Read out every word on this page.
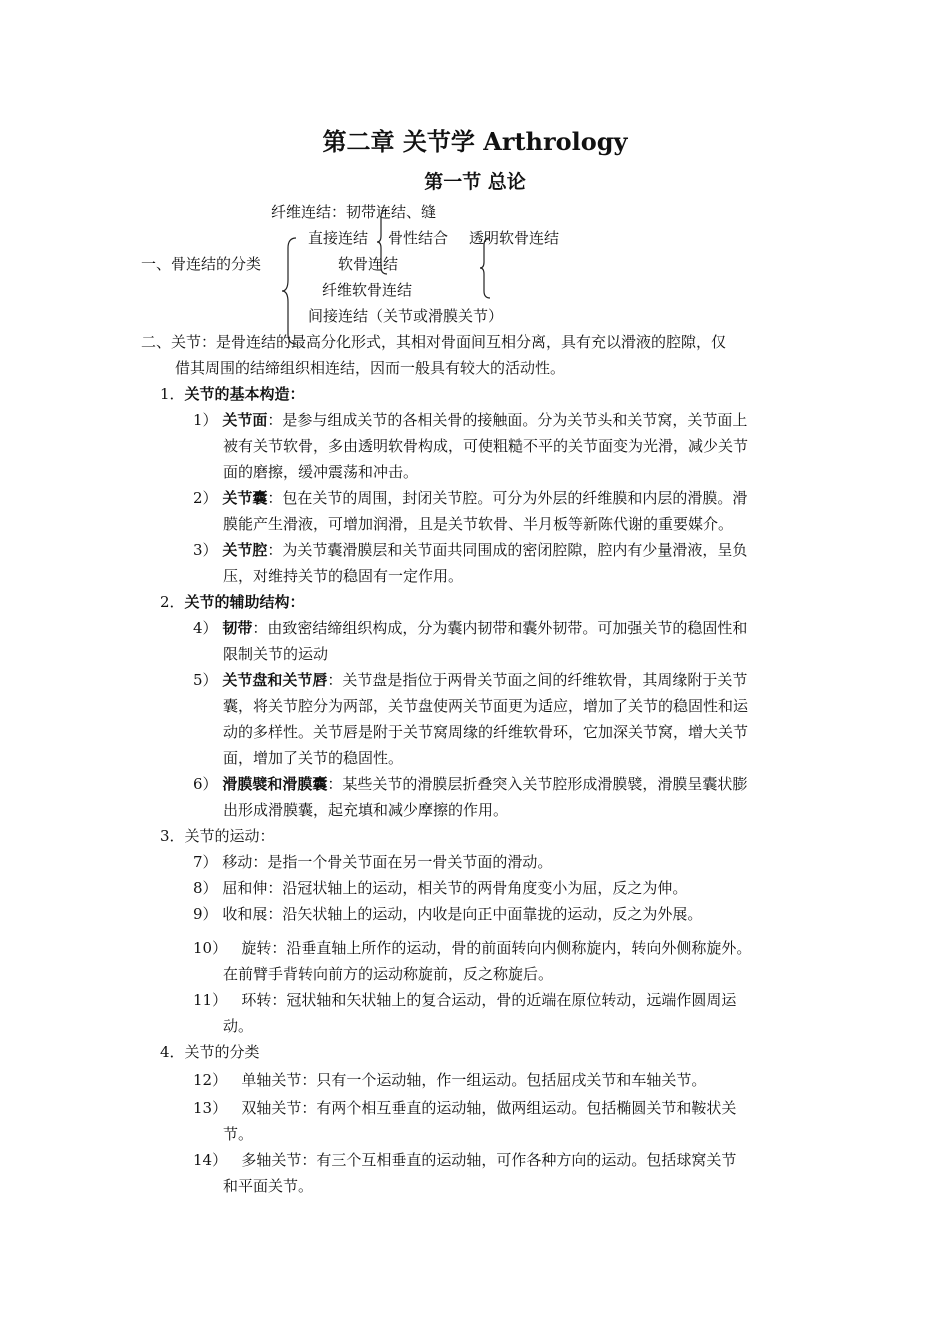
第二章 关节学 Arthrology
第一节 总论
纤维连结：韧带连结、缝
直接连结 骨性结合 透明软骨连结
一、骨连结的分类	软骨连结
纤维软骨连结
间接连结（关节或滑膜关节）
二、关节：是骨连结的最高分化形式，其相对骨面间互相分离，具有充以滑液的腔隙，仅
借其周围的结缔组织相连结，因而一般具有较大的活动性。
1．关节的基本构造：
1） 关节面：是参与组成关节的各相关骨的接触面。分为关节头和关节窝，关节面上
被有关节软骨，多由透明软骨构成，可使粗糙不平的关节面变为光滑，减少关节
面的磨擦，缓冲震荡和冲击。
2） 关节囊：包在关节的周围，封闭关节腔。可分为外层的纤维膜和内层的滑膜。滑
膜能产生滑液，可增加润滑，且是关节软骨、半月板等新陈代谢的重要媒介。
3） 关节腔：为关节囊滑膜层和关节面共同围成的密闭腔隙，腔内有少量滑液，呈负
压，对维持关节的稳固有一定作用。
2．关节的辅助结构：
4） 韧带：由致密结缔组织构成，分为囊内韧带和囊外韧带。可加强关节的稳固性和
限制关节的运动
5） 关节盘和关节唇：关节盘是指位于两骨关节面之间的纤维软骨，其周缘附于关节
囊，将关节腔分为两部，关节盘使两关节面更为适应，增加了关节的稳固性和运
动的多样性。关节唇是附于关节窝周缘的纤维软骨环，它加深关节窝，增大关节
面，增加了关节的稳固性。
6） 滑膜襞和滑膜囊：某些关节的滑膜层折叠突入关节腔形成滑膜襞，滑膜呈囊状膨
出形成滑膜囊，起充填和减少摩擦的作用。
3．关节的运动：
7） 移动：是指一个骨关节面在另一骨关节面的滑动。
8） 屈和伸：沿冠状轴上的运动，相关节的两骨角度变小为屈，反之为伸。
9） 收和展：沿矢状轴上的运动，内收是向正中面靠拢的运动，反之为外展。
10） 旋转：沿垂直轴上所作的运动，骨的前面转向内侧称旋内，转向外侧称旋外。
在前臂手背转向前方的运动称旋前，反之称旋后。
11） 环转：冠状轴和矢状轴上的复合运动，骨的近端在原位转动，远端作圆周运
动。
4．关节的分类
12） 单轴关节：只有一个运动轴，作一组运动。包括屈戌关节和车轴关节。
13） 双轴关节：有两个相互垂直的运动轴，做两组运动。包括椭圆关节和鞍状关
节。
14） 多轴关节：有三个互相垂直的运动轴，可作各种方向的运动。包括球窝关节
和平面关节。
